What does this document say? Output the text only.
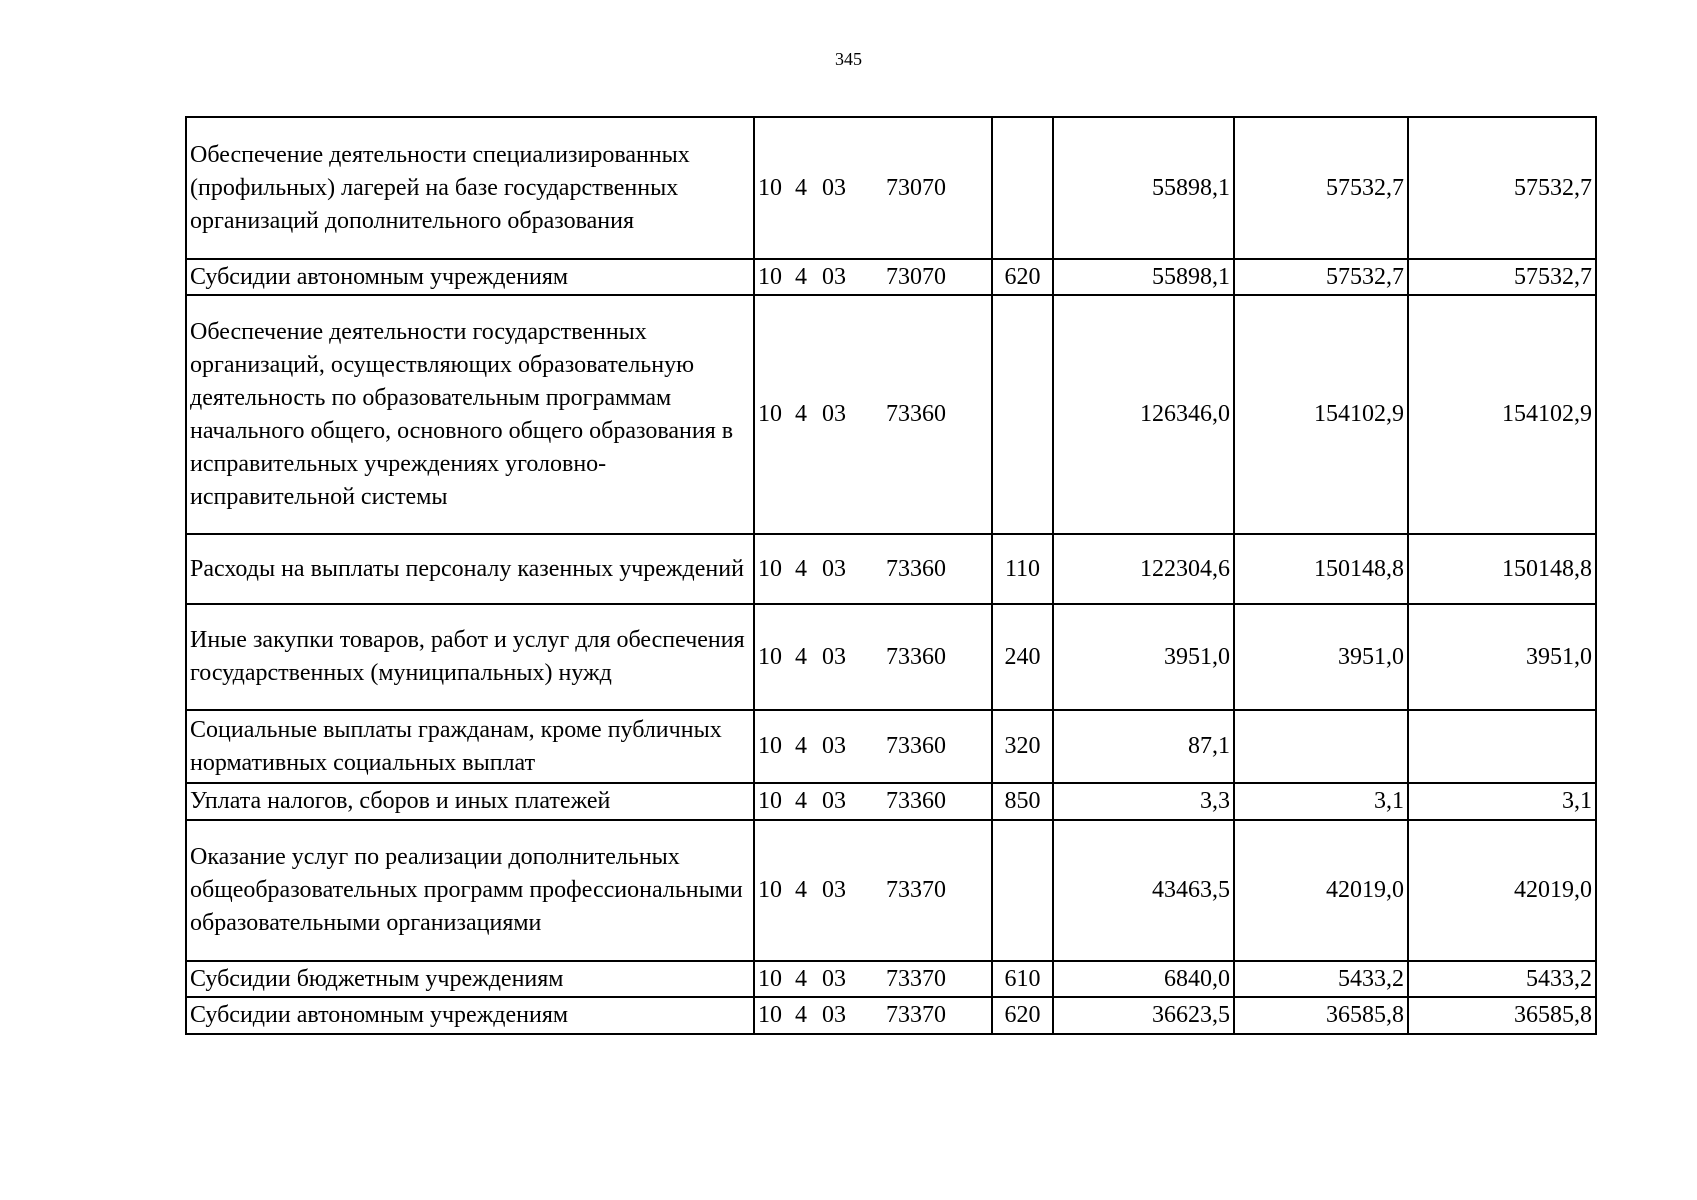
345
Обеспечение деятельности специализированных (профильных) лагерей на базе государственных организаций дополнительного образования	10 4 03 73070		55898,1	57532,7	57532,7
Субсидии автономным учреждениям	10 4 03 73070	620	55898,1	57532,7	57532,7
Обеспечение деятельности государственных организаций, осуществляющих образовательную деятельность по образовательным программам начального общего, основного общего образования в исправительных учреждениях уголовно-исправительной системы	10 4 03 73360		126346,0	154102,9	154102,9
Расходы на выплаты персоналу казенных учреждений	10 4 03 73360	110	122304,6	150148,8	150148,8
Иные закупки товаров, работ и услуг для обеспечения государственных (муниципальных) нужд	10 4 03 73360	240	3951,0	3951,0	3951,0
Социальные выплаты гражданам, кроме публичных нормативных социальных выплат	10 4 03 73360	320	87,1		
Уплата налогов, сборов и иных платежей	10 4 03 73360	850	3,3	3,1	3,1
Оказание услуг по реализации дополнительных общеобразовательных программ профессиональными образовательными организациями	10 4 03 73370		43463,5	42019,0	42019,0
Субсидии бюджетным учреждениям	10 4 03 73370	610	6840,0	5433,2	5433,2
Субсидии автономным учреждениям	10 4 03 73370	620	36623,5	36585,8	36585,8
